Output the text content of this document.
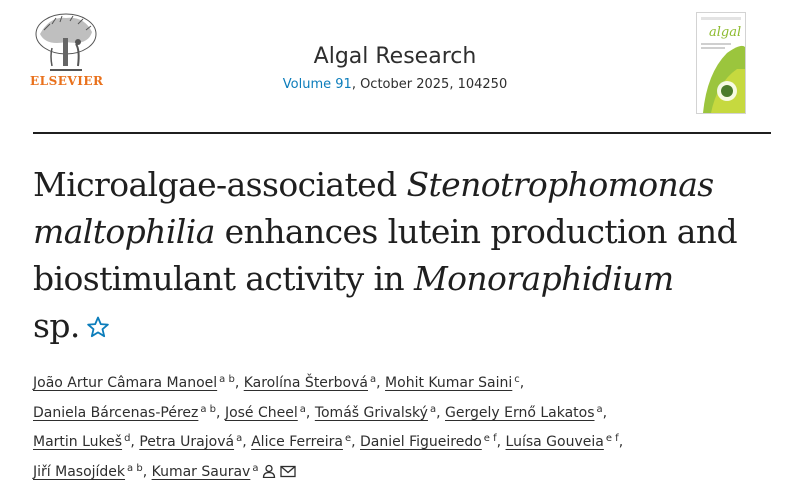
ELSEVIER
Algal Research
Volume 91, October 2025, 104250
algal
Microalgae-associated Stenotrophomonas
maltophilia enhances lutein production and biostimulant activity in Monoraphidium
sp.
João Artur Câmara Manoel $^{a b}$, Karolína Šterbová $^a$, Mohit Kumar Saini $^c$,
Daniela Bárcenas-Pérez $^{a b}$, José Cheel $^a$, Tomáš Grivalský $^a$, Gergely Ernő Lakatos $^a$,
Martin Lukeš $^d$, Petra Urajová $^a$, Alice Ferreira $^e$, Daniel Figueiredo $^{e f}$, Luísa Gouveia $^{e f}$,
Jiří Masojídek $^{a b}$, Kumar Saurav $^a$
